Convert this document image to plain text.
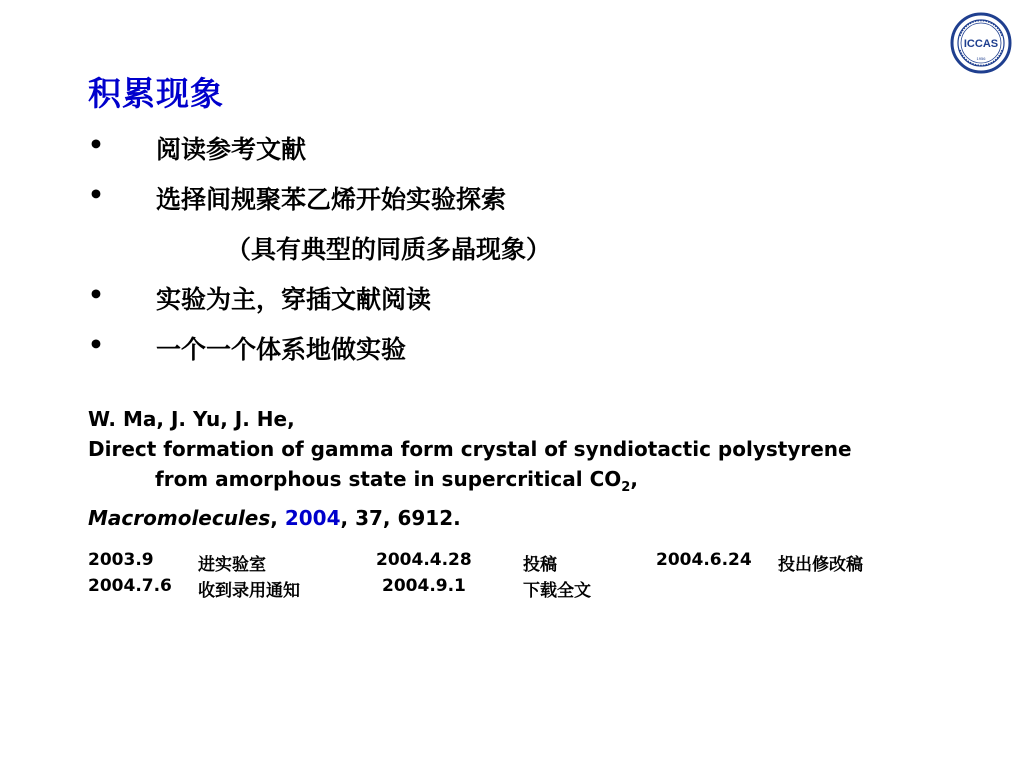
ICCAS
1956
积累现象
• 阅读参考文献
• 选择间规聚苯乙烯开始实验探索
（具有典型的同质多晶现象）
• 实验为主，穿插文献阅读
• 一个一个体系地做实验
W. Ma, J. Yu, J. He,
Direct formation of gamma form crystal of syndiotactic polystyrene
from amorphous state in supercritical $CO_2$,
Macromolecules, 2004, 37, 6912.
2003.9	进实验室	2004.4.28	投稿	2004.6.24 投出修改稿
2004.7.6 收到录用通知	2004.9.1	下载全文
